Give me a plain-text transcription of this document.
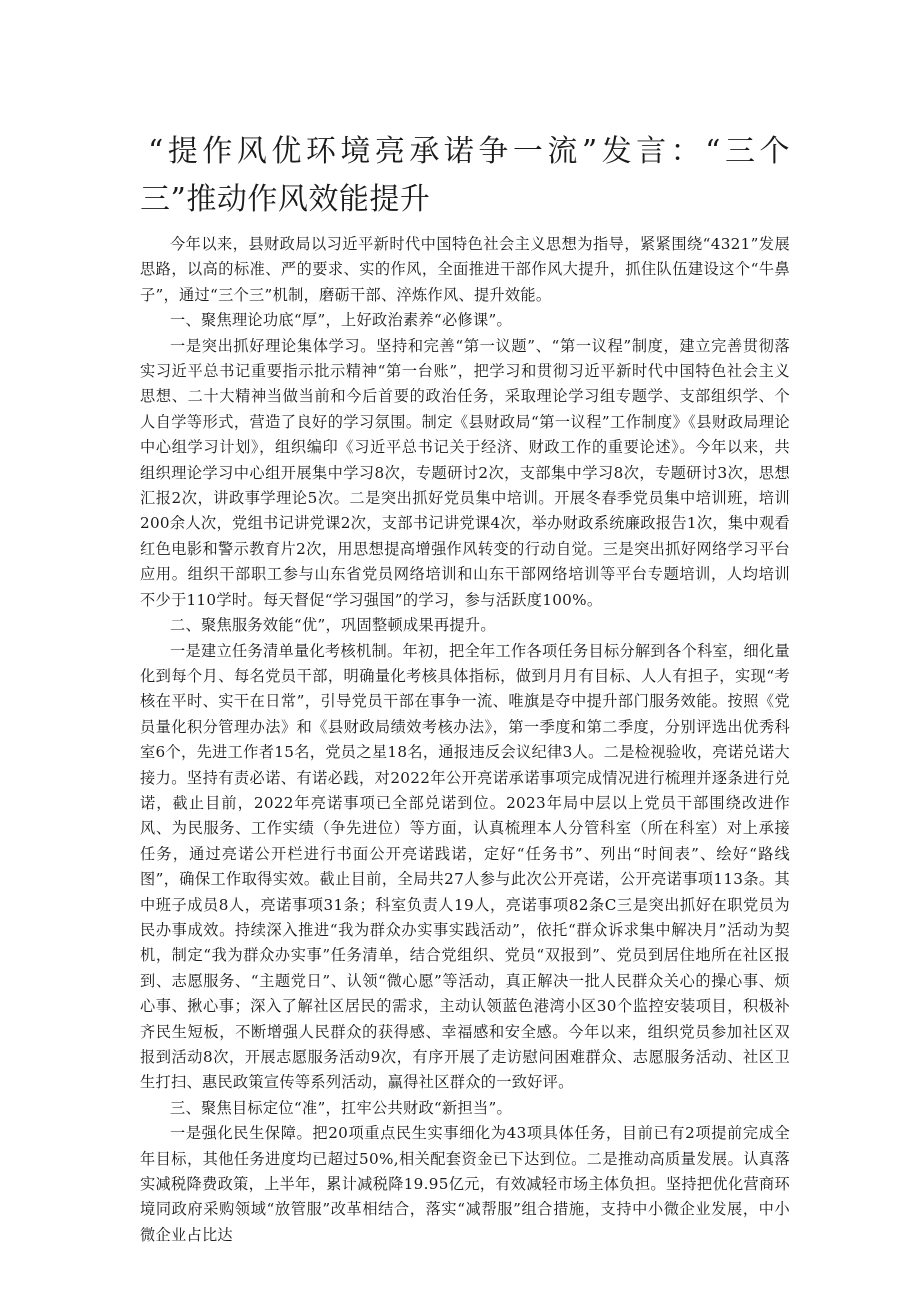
“提作风优环境亮承诺争一流”发言：“三个三”推动作风效能提升

今年以来，县财政局以习近平新时代中国特色社会主义思想为指导，紧紧围绕“4321”发展思路，以高的标准、严的要求、实的作风，全面推进干部作风大提升，抓住队伍建设这个“牛鼻子”，通过“三个三”机制，磨砺干部、淬炼作风、提升效能。

一、聚焦理论功底“厚”，上好政治素养“必修课”。

一是突出抓好理论集体学习。坚持和完善“第一议题”、“第一议程”制度，建立完善贯彻落实习近平总书记重要指示批示精神“第一台账”，把学习和贯彻习近平新时代中国特色社会主义思想、二十大精神当做当前和今后首要的政治任务，采取理论学习组专题学、支部组织学、个人自学等形式，营造了良好的学习氛围。制定《县财政局“第一议程”工作制度》《县财政局理论中心组学习计划》，组织编印《习近平总书记关于经济、财政工作的重要论述》。今年以来，共组织理论学习中心组开展集中学习8次，专题研讨2次，支部集中学习8次，专题研讨3次，思想汇报2次，讲政事学理论5次。二是突出抓好党员集中培训。开展冬春季党员集中培训班，培训200余人次，党组书记讲党课2次，支部书记讲党课4次，举办财政系统廉政报告1次，集中观看红色电影和警示教育片2次，用思想提高增强作风转变的行动自觉。三是突出抓好网络学习平台应用。组织干部职工参与山东省党员网络培训和山东干部网络培训等平台专题培训，人均培训不少于110学时。每天督促“学习强国”的学习，参与活跃度100%。

二、聚焦服务效能“优”，巩固整顿成果再提升。

一是建立任务清单量化考核机制。年初，把全年工作各项任务目标分解到各个科室，细化量化到每个月、每名党员干部，明确量化考核具体指标，做到月月有目标、人人有担子，实现“考核在平时、实干在日常”，引导党员干部在事争一流、唯旗是夺中提升部门服务效能。按照《党员量化积分管理办法》和《县财政局绩效考核办法》，第一季度和第二季度，分别评选出优秀科室6个，先进工作者15名，党员之星18名，通报违反会议纪律3人。二是检视验收，亮诺兑诺大接力。坚持有责必诺、有诺必践，对2022年公开亮诺承诺事项完成情况进行梳理并逐条进行兑诺，截止目前，2022年亮诺事项已全部兑诺到位。2023年局中层以上党员干部围绕改进作风、为民服务、工作实绩（争先进位）等方面，认真梳理本人分管科室（所在科室）对上承接任务，通过亮诺公开栏进行书面公开亮诺践诺，定好“任务书”、列出“时间表”、绘好“路线图”，确保工作取得实效。截止目前，全局共27人参与此次公开亮诺，公开亮诺事项113条。其中班子成员8人，亮诺事项31条；科室负责人19人，亮诺事项82条C三是突出抓好在职党员为民办事成效。持续深入推进“我为群众办实事实践活动”，依托“群众诉求集中解决月”活动为契机，制定“我为群众办实事”任务清单，结合党组织、党员“双报到”、党员到居住地所在社区报到、志愿服务、“主题党日”、认领“微心愿”等活动，真正解决一批人民群众关心的操心事、烦心事、揪心事；深入了解社区居民的需求，主动认领蓝色港湾小区30个监控安装项目，积极补齐民生短板，不断增强人民群众的获得感、幸福感和安全感。今年以来，组织党员参加社区双报到活动8次，开展志愿服务活动9次，有序开展了走访慰问困难群众、志愿服务活动、社区卫生打扫、惠民政策宣传等系列活动，赢得社区群众的一致好评。

三、聚焦目标定位“准”，扛牢公共财政“新担当”。

一是强化民生保障。把20项重点民生实事细化为43项具体任务，目前已有2项提前完成全年目标，其他任务进度均已超过50%,相关配套资金已下达到位。二是推动高质量发展。认真落实减税降费政策，上半年，累计减税降19.95亿元，有效减轻市场主体负担。坚持把优化营商环境同政府采购领域“放管服”改革相结合，落实“减帮服”组合措施，支持中小微企业发展，中小微企业占比达
